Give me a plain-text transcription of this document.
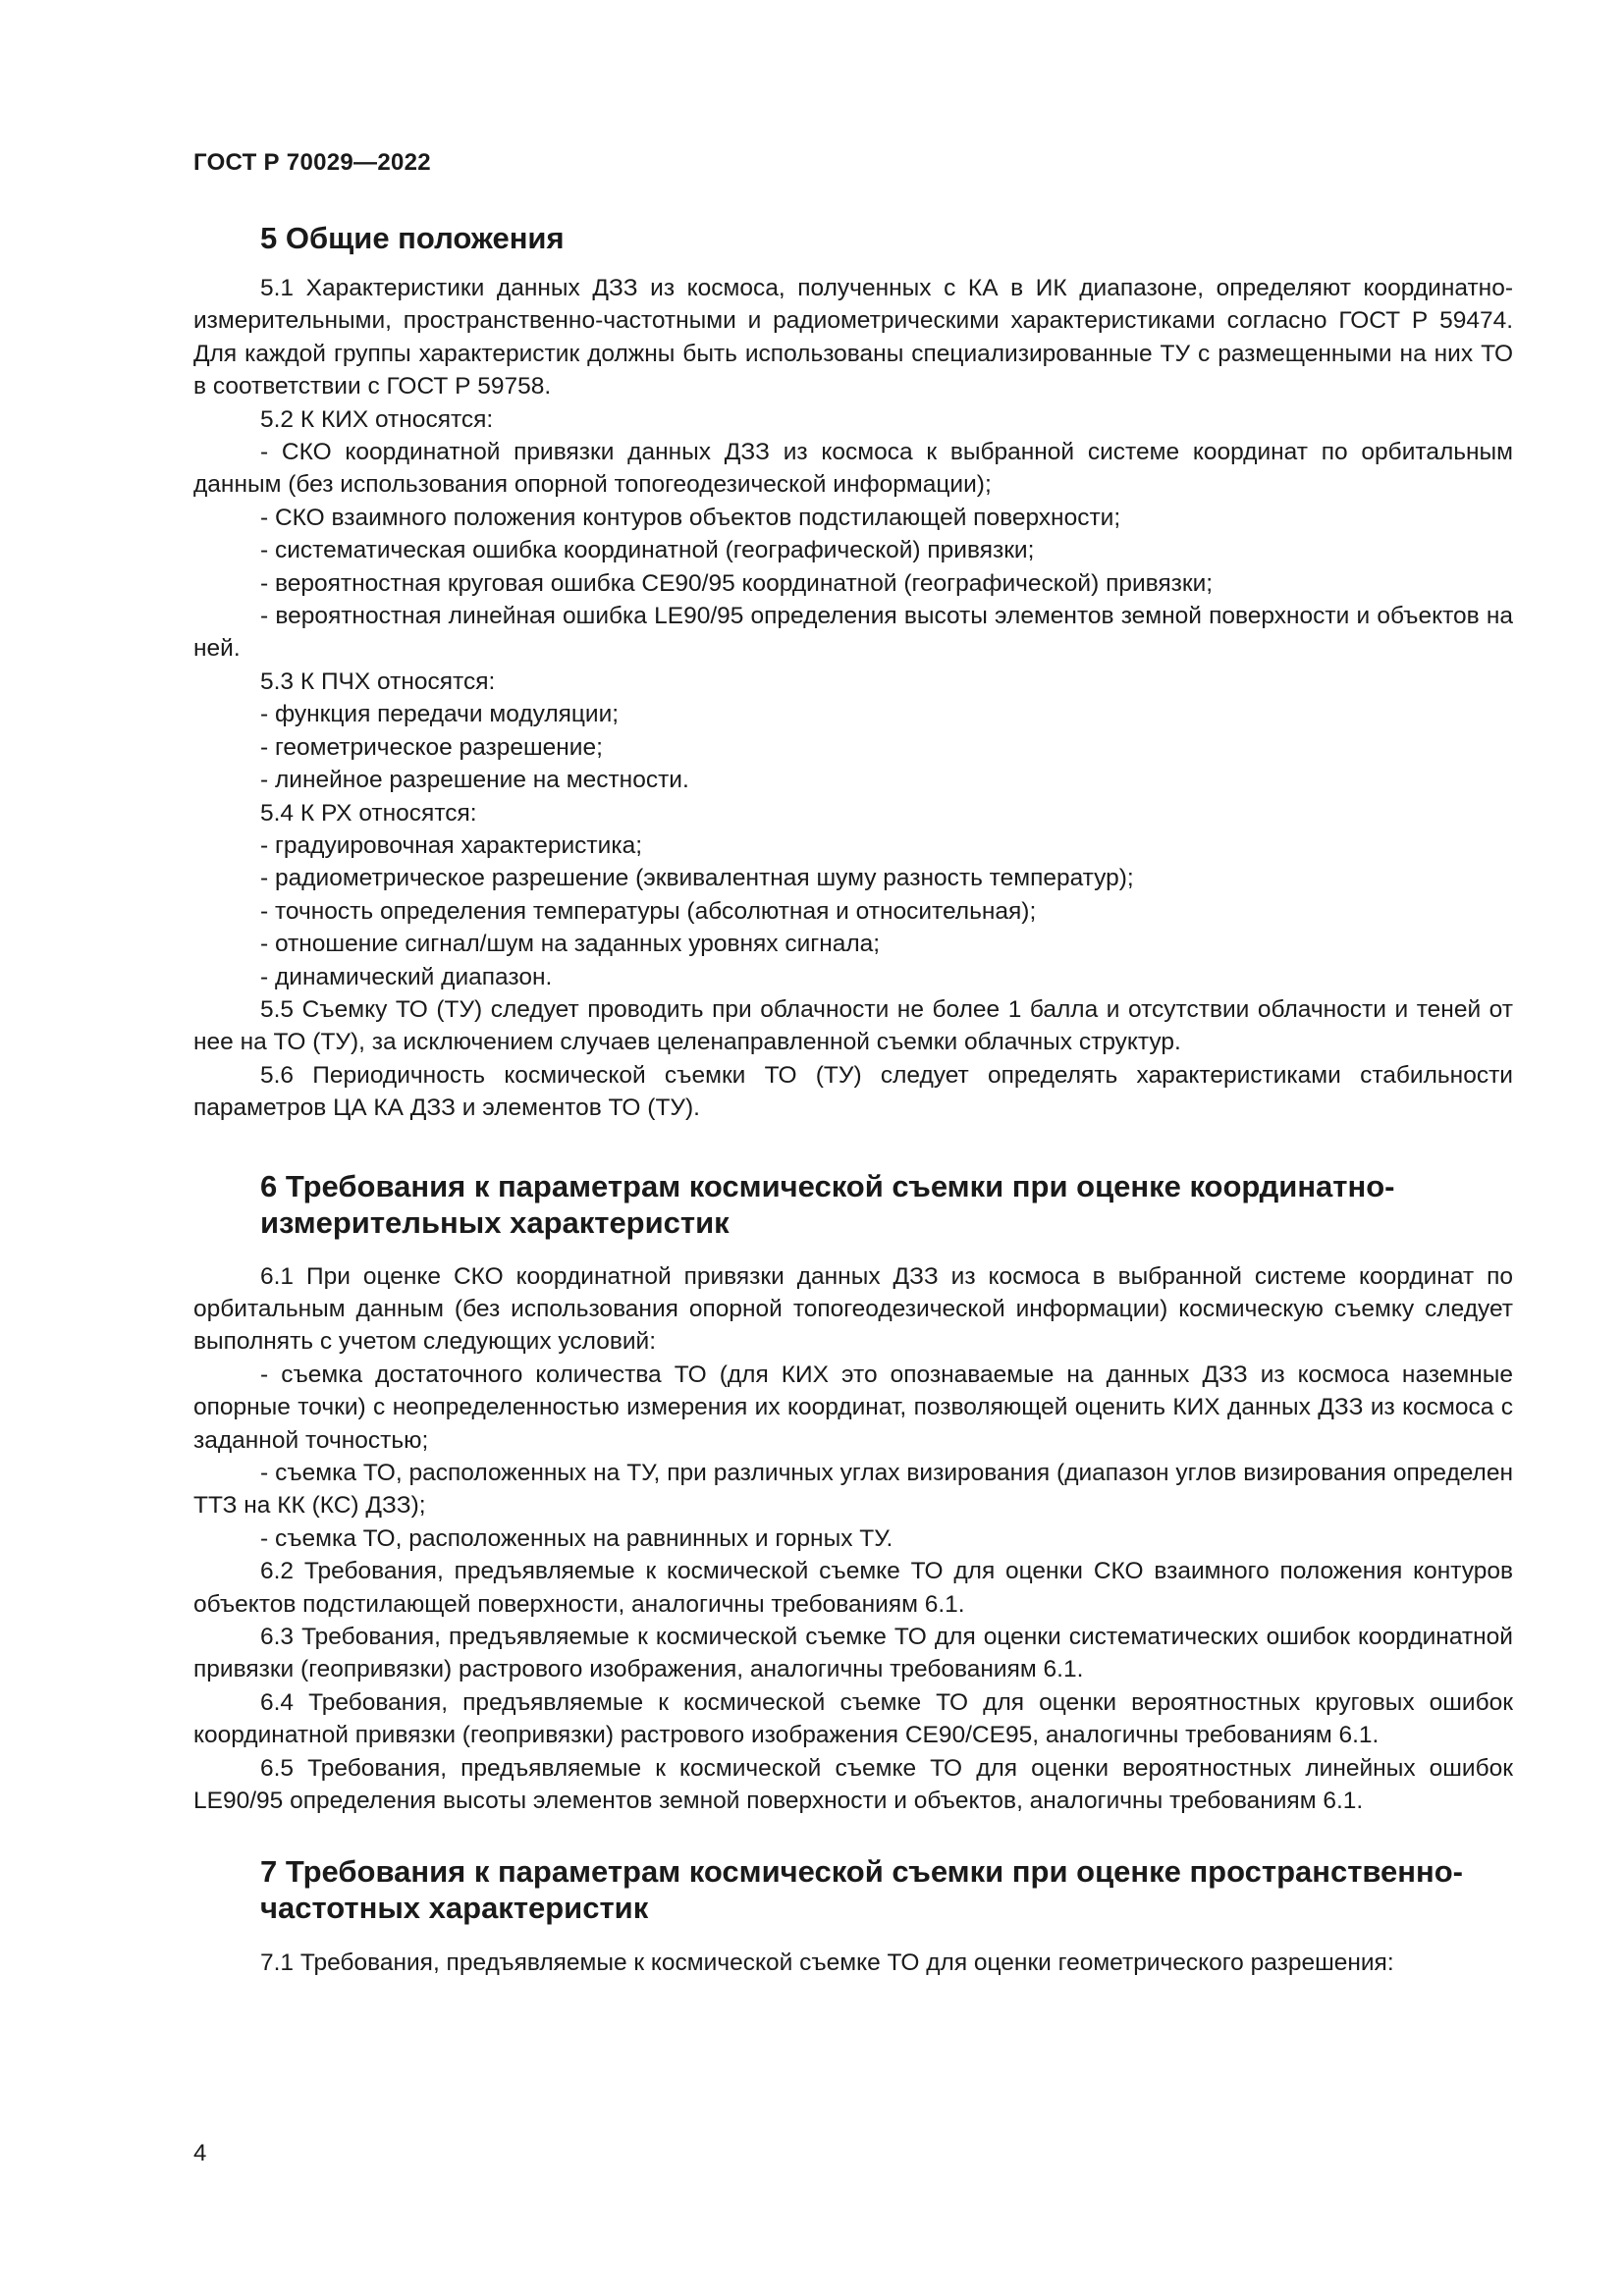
ГОСТ Р 70029—2022
5 Общие положения

5.1 Характеристики данных ДЗЗ из космоса, полученных с КА в ИК диапазоне, определяют координатно-измерительными, пространственно-частотными и радиометрическими характеристиками согласно ГОСТ Р 59474. Для каждой группы характеристик должны быть использованы специализированные ТУ с размещенными на них ТО в соответствии с ГОСТ Р 59758.

5.2 К КИХ относятся:

- СКО координатной привязки данных ДЗЗ из космоса к выбранной системе координат по орбитальным данным (без использования опорной топогеодезической информации);

- СКО взаимного положения контуров объектов подстилающей поверхности;

- систематическая ошибка координатной (географической) привязки;

- вероятностная круговая ошибка СЕ90/95 координатной (географической) привязки;

- вероятностная линейная ошибка LE90/95 определения высоты элементов земной поверхности и объектов на ней.

5.3 К ПЧХ относятся:

- функция передачи модуляции;

- геометрическое разрешение;

- линейное разрешение на местности.

5.4 К РХ относятся:

- градуировочная характеристика;

- радиометрическое разрешение (эквивалентная шуму разность температур);

- точность определения температуры (абсолютная и относительная);

- отношение сигнал/шум на заданных уровнях сигнала;

- динамический диапазон.

5.5 Съемку ТО (ТУ) следует проводить при облачности не более 1 балла и отсутствии облачности и теней от нее на ТО (ТУ), за исключением случаев целенаправленной съемки облачных структур.

5.6 Периодичность космической съемки ТО (ТУ) следует определять характеристиками стабильности параметров ЦА КА ДЗЗ и элементов ТО (ТУ).

6 Требования к параметрам космической съемки при оценке координатно-измерительных характеристик

6.1 При оценке СКО координатной привязки данных ДЗЗ из космоса в выбранной системе координат по орбитальным данным (без использования опорной топогеодезической информации) космическую съемку следует выполнять с учетом следующих условий:

- съемка достаточного количества ТО (для КИХ это опознаваемые на данных ДЗЗ из космоса наземные опорные точки) с неопределенностью измерения их координат, позволяющей оценить КИХ данных ДЗЗ из космоса с заданной точностью;

- съемка ТО, расположенных на ТУ, при различных углах визирования (диапазон углов визирования определен ТТЗ на КК (КС) ДЗЗ);

- съемка ТО, расположенных на равнинных и горных ТУ.

6.2 Требования, предъявляемые к космической съемке ТО для оценки СКО взаимного положения контуров объектов подстилающей поверхности, аналогичны требованиям 6.1.

6.3 Требования, предъявляемые к космической съемке ТО для оценки систематических ошибок координатной привязки (геопривязки) растрового изображения, аналогичны требованиям 6.1.

6.4 Требования, предъявляемые к космической съемке ТО для оценки вероятностных круговых ошибок координатной привязки (геопривязки) растрового изображения СЕ90/СЕ95, аналогичны требованиям 6.1.

6.5 Требования, предъявляемые к космической съемке ТО для оценки вероятностных линейных ошибок LE90/95 определения высоты элементов земной поверхности и объектов, аналогичны требованиям 6.1.

7 Требования к параметрам космической съемки при оценке пространственно-частотных характеристик

7.1 Требования, предъявляемые к космической съемке ТО для оценки геометрического разрешения:

4
